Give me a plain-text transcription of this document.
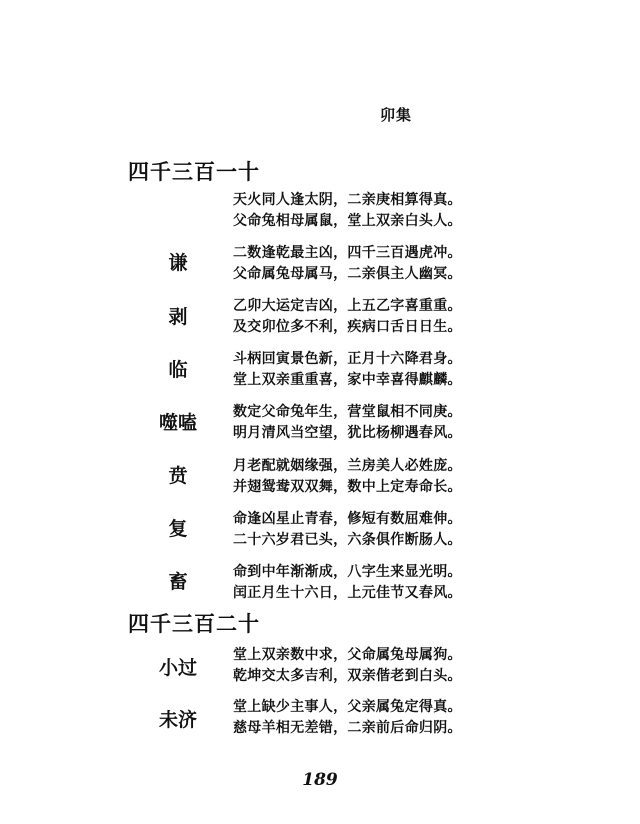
卯集
四千三百一十
天火同人逢太阴，二亲庚相算得真。
父命兔相母属鼠，堂上双亲白头人。
谦	二数逢乾最主凶，四千三百遇虎冲。
父命属兔母属马，二亲俱主人幽冥。
剥	乙卯大运定吉凶，上五乙字喜重重。
及交卯位多不利，疾病口舌日日生。
临	斗柄回寅景色新，正月十六降君身。
堂上双亲重重喜，家中幸喜得麒麟。
噬嗑	数定父命兔年生，营堂鼠相不同庚。
明月清风当空望，犹比杨柳遇春风。
贲	月老配就姻缘强，兰房美人必姓庞。
并翅鸳鸯双双舞，数中上定寿命长。
复	命逢凶星止青春，修短有数屈难伸。
二十六岁君已头，六条俱作断肠人。
畜	命到中年渐渐成，八字生来显光明。
闰正月生十六日，上元佳节又春风。
四千三百二十
小过
堂上双亲数中求，父命属兔母属狗。
乾坤交太多吉利，双亲偕老到白头。
未济
堂上缺少主事人，父亲属兔定得真。
慈母羊相无差错，二亲前后命归阴。
189
